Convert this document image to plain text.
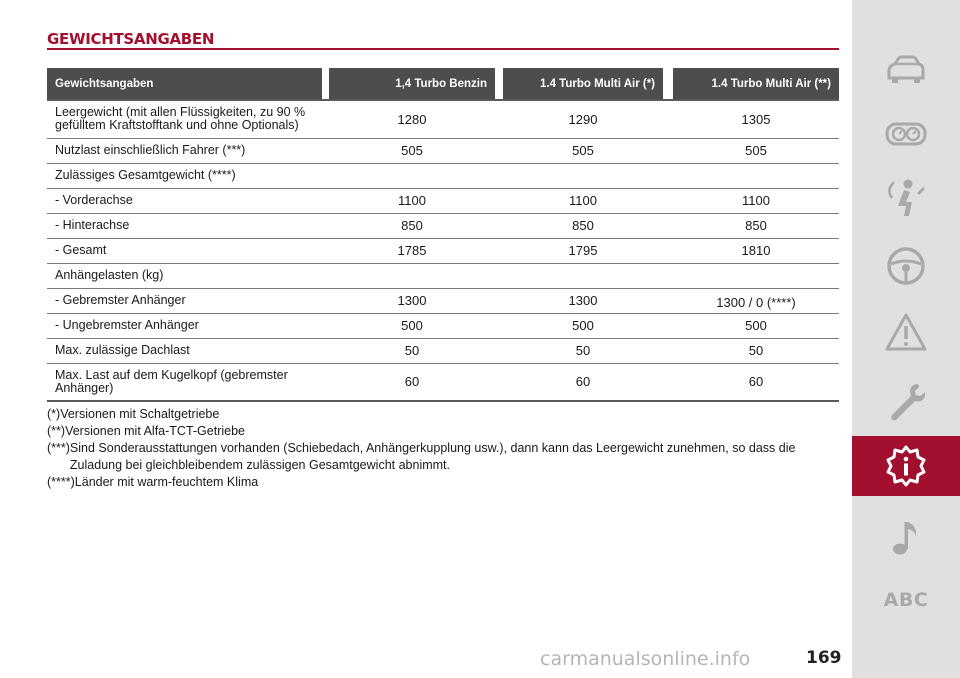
GEWICHTSANGABEN
Gewichtsangaben		1,4 Turbo Benzin		1.4 Turbo Multi Air (*)		1.4 Turbo Multi Air (**)
Leergewicht (mit allen Flüssigkeiten, zu 90 % gefülltem Kraftstofftank und ohne Optionals)		1280		1290		1305
Nutzlast einschließlich Fahrer (***)		505		505		505
Zulässiges Gesamtgewicht (****)						
- Vorderachse		1100		1100		1100
- Hinterachse		850		850		850
- Gesamt		1785		1795		1810
Anhängelasten (kg)						
- Gebremster Anhänger		1300		1300		1300 / 0 (****)
- Ungebremster Anhänger		500		500		500
Max. zulässige Dachlast		50		50		50
Max. Last auf dem Kugelkopf (gebremster Anhänger)		60		60		60
(*) Versionen mit Schaltgetriebe
(**) Versionen mit Alfa-TCT-Getriebe
(***) Sind Sonderausstattungen vorhanden (Schiebedach, Anhängerkupplung usw.), dann kann das Leergewicht zunehmen, so dass die Zuladung bei gleichbleibendem zulässigen Gesamtgewicht abnimmt.
(****) Länder mit warm-feuchtem Klima
carmanualsonline.info	169
ABC
